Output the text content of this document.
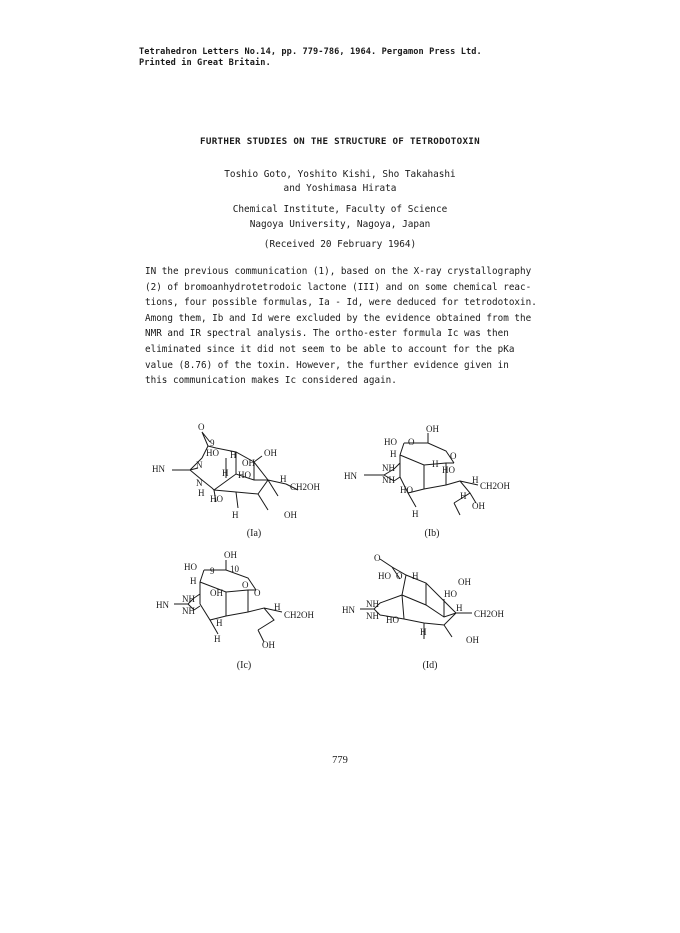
Tetrahedron Letters No.14, pp. 779-786, 1964. Pergamon Press Ltd.
Printed in Great Britain.
FURTHER STUDIES ON THE STRUCTURE OF TETRODOTOXIN
Toshio Goto, Yoshito Kishi, Sho Takahashi
and Yoshimasa Hirata
Chemical Institute, Faculty of Science
Nagoya University, Nagoya, Japan
(Received 20 February 1964)

IN the previous communication (1), based on the X-ray crystallography

(2) of bromoanhydrotetrodoic lactone (III) and on some chemical reac-

tions, four possible formulas, Ia - Id, were deduced for tetrodotoxin.

Among them, Ib and Id were excluded by the evidence obtained from the

NMR and IR spectral analysis. The ortho-ester formula Ic was then

eliminated since it did not seem to be able to account for the pKa

value (8.76) of the toxin. However, the further evidence given in

this communication makes Ic considered again.

O
9
H
HO
N
HN
N
H
H
OH
OH
HO	H
CH2OH
HO
H	OH
(Ia)
OH
HO O
O
H
H
HO
HN
NH
NH
HO
H
CH2OH
H
OH
H
(Ib)
OH
HO 9 10
H	O
O
OH
HN
NH
NH	H
H
CH2OH
H
OH
(Ic)
O
HO O H
OH
HO
HN
NH
NH HO
H
CH2OH
H
OH
(Id)
779
